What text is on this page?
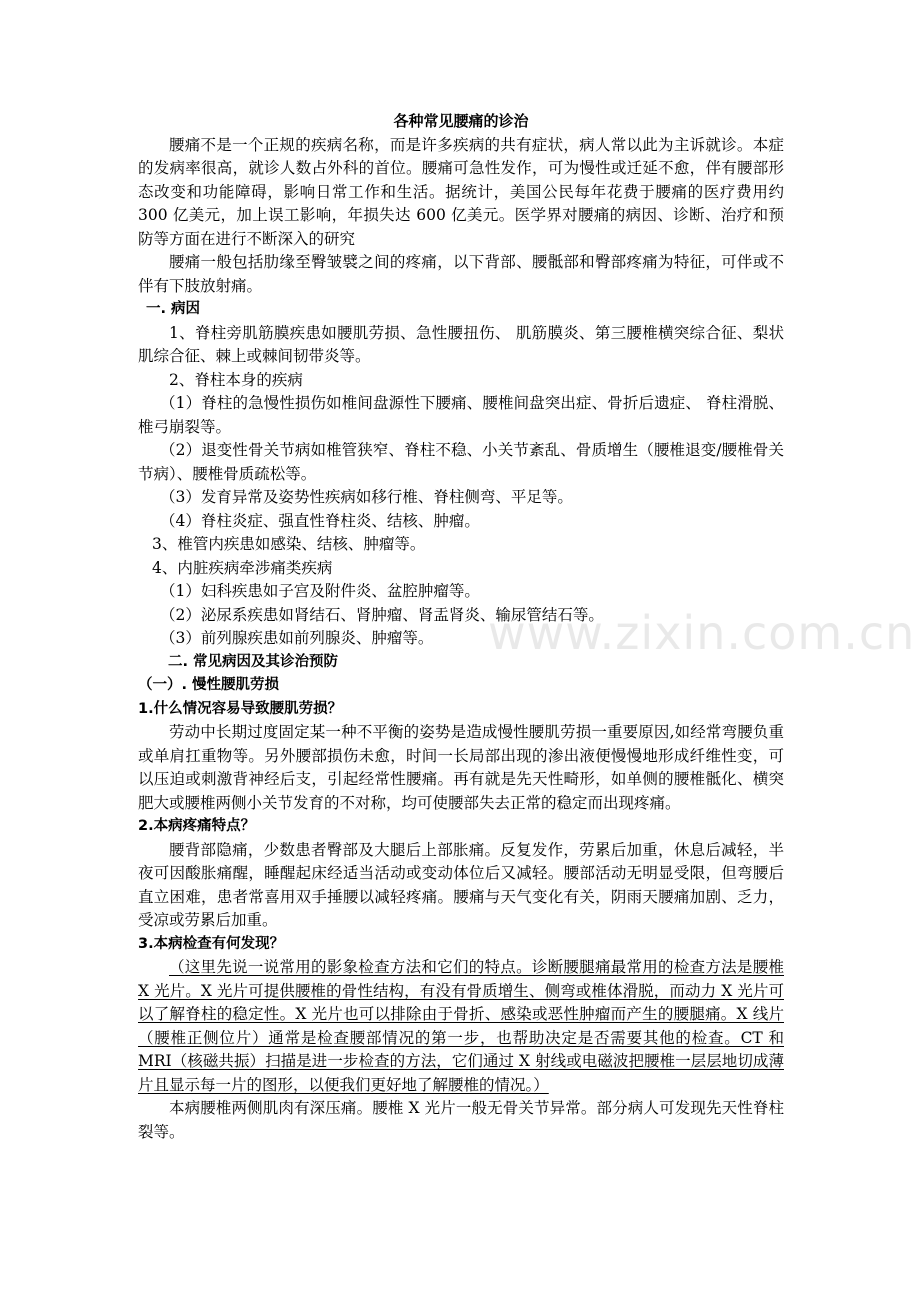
www.zixin.com.cn

各种常见腰痛的诊治

腰痛不是一个正规的疾病名称，而是许多疾病的共有症状，病人常以此为主诉就诊。本症的发病率很高，就诊人数占外科的首位。腰痛可急性发作，可为慢性或迁延不愈，伴有腰部形态改变和功能障碍，影响日常工作和生活。据统计，美国公民每年花费于腰痛的医疗费用约 300 亿美元，加上误工影响，年损失达 600 亿美元。医学界对腰痛的病因、诊断、治疗和预防等方面在进行不断深入的研究

腰痛一般包括肋缘至臀皱襞之间的疼痛，以下背部、腰骶部和臀部疼痛为特征，可伴或不伴有下肢放射痛。

一. 病因

1、脊柱旁肌筋膜疾患如腰肌劳损、急性腰扭伤、 肌筋膜炎、第三腰椎横突综合征、梨状肌综合征、棘上或棘间韧带炎等。

2、脊柱本身的疾病

（1）脊柱的急慢性损伤如椎间盘源性下腰痛、腰椎间盘突出症、骨折后遗症、 脊柱滑脱、椎弓崩裂等。

（2）退变性骨关节病如椎管狭窄、脊柱不稳、小关节紊乱、骨质增生（腰椎退变/腰椎骨关节病）、腰椎骨质疏松等。

（3）发育异常及姿势性疾病如移行椎、脊柱侧弯、平足等。

（4）脊柱炎症、强直性脊柱炎、结核、肿瘤。

3、椎管内疾患如感染、结核、肿瘤等。

4、内脏疾病牵涉痛类疾病

（1）妇科疾患如子宫及附件炎、盆腔肿瘤等。

（2）泌尿系疾患如肾结石、肾肿瘤、肾盂肾炎、输尿管结石等。

（3）前列腺疾患如前列腺炎、肿瘤等。

二. 常见病因及其诊治预防

（一）. 慢性腰肌劳损

1.什么情况容易导致腰肌劳损？

劳动中长期过度固定某一种不平衡的姿势是造成慢性腰肌劳损一重要原因,如经常弯腰负重或单肩扛重物等。另外腰部损伤未愈，时间一长局部出现的渗出液便慢慢地形成纤维性变，可以压迫或刺激背神经后支，引起经常性腰痛。再有就是先天性畸形，如单侧的腰椎骶化、横突肥大或腰椎两侧小关节发育的不对称，均可使腰部失去正常的稳定而出现疼痛。

2.本病疼痛特点？

腰背部隐痛，少数患者臀部及大腿后上部胀痛。反复发作，劳累后加重，休息后减轻，半夜可因酸胀痛醒，睡醒起床经适当活动或变动体位后又减轻。腰部活动无明显受限，但弯腰后直立困难，患者常喜用双手捶腰以减轻疼痛。腰痛与天气变化有关，阴雨天腰痛加剧、乏力，受凉或劳累后加重。

3.本病检查有何发现？

（这里先说一说常用的影象检查方法和它们的特点。诊断腰腿痛最常用的检查方法是腰椎 X 光片。X 光片可提供腰椎的骨性结构，有没有骨质增生、侧弯或椎体滑脱，而动力 X 光片可以了解脊柱的稳定性。X 光片也可以排除由于骨折、感染或恶性肿瘤而产生的腰腿痛。X 线片（腰椎正侧位片）通常是检查腰部情况的第一步，也帮助决定是否需要其他的检查。CT 和 MRI（核磁共振）扫描是进一步检查的方法，它们通过 X 射线或电磁波把腰椎一层层地切成薄片且显示每一片的图形，以便我们更好地了解腰椎的情况。）

本病腰椎两侧肌肉有深压痛。腰椎 X 光片一般无骨关节异常。部分病人可发现先天性脊柱裂等。
